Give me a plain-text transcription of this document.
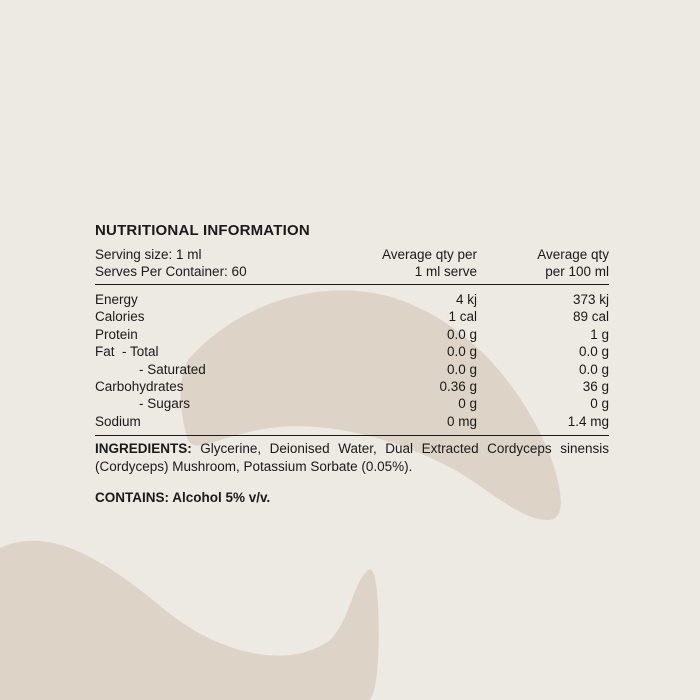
NUTRITIONAL INFORMATION
Serving size: 1 ml	Average qty per	Average qty
Serves Per Container: 60	1 ml serve	per 100 ml
Energy	4 kj	373 kj
Calories	1 cal	89 cal
Protein	0.0 g	1 g
Fat  - Total	0.0 g	0.0 g
- Saturated	0.0 g	0.0 g
Carbohydrates	0.36 g	36 g
- Sugars	0 g	0 g
Sodium	0 mg	1.4 mg
INGREDIENTS: Glycerine, Deionised Water, Dual Extracted Cordyceps sinensis (Cordyceps) Mushroom, Potassium Sorbate (0.05%).
CONTAINS: Alcohol 5% v/v.
